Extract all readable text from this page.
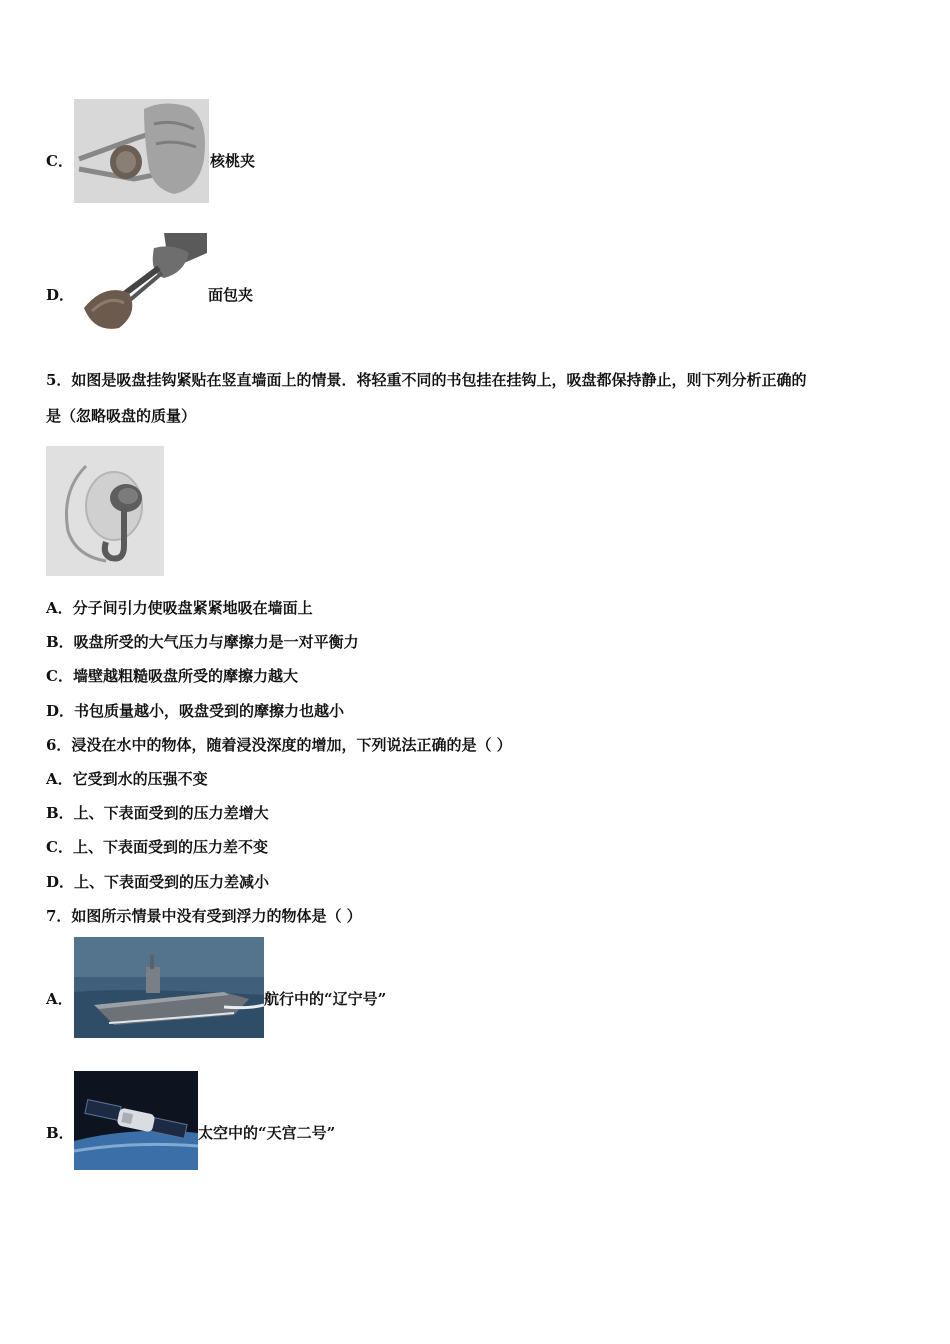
C．	核桃夹
D．	面包夹
5．如图是吸盘挂钩紧贴在竖直墙面上的情景．将轻重不同的书包挂在挂钩上，吸盘都保持静止，则下列分析正确的
是（忽略吸盘的质量）
A．分子间引力使吸盘紧紧地吸在墙面上
B．吸盘所受的大气压力与摩擦力是一对平衡力
C．墙壁越粗糙吸盘所受的摩擦力越大
D．书包质量越小，吸盘受到的摩擦力也越小
6．浸没在水中的物体，随着浸没深度的增加，下列说法正确的是（ ）
A．它受到水的压强不变
B．上、下表面受到的压力差增大
C．上、下表面受到的压力差不变
D．上、下表面受到的压力差减小
7．如图所示情景中没有受到浮力的物体是（ ）
A．	航行中的“辽宁号”
B．	太空中的“天宫二号”
